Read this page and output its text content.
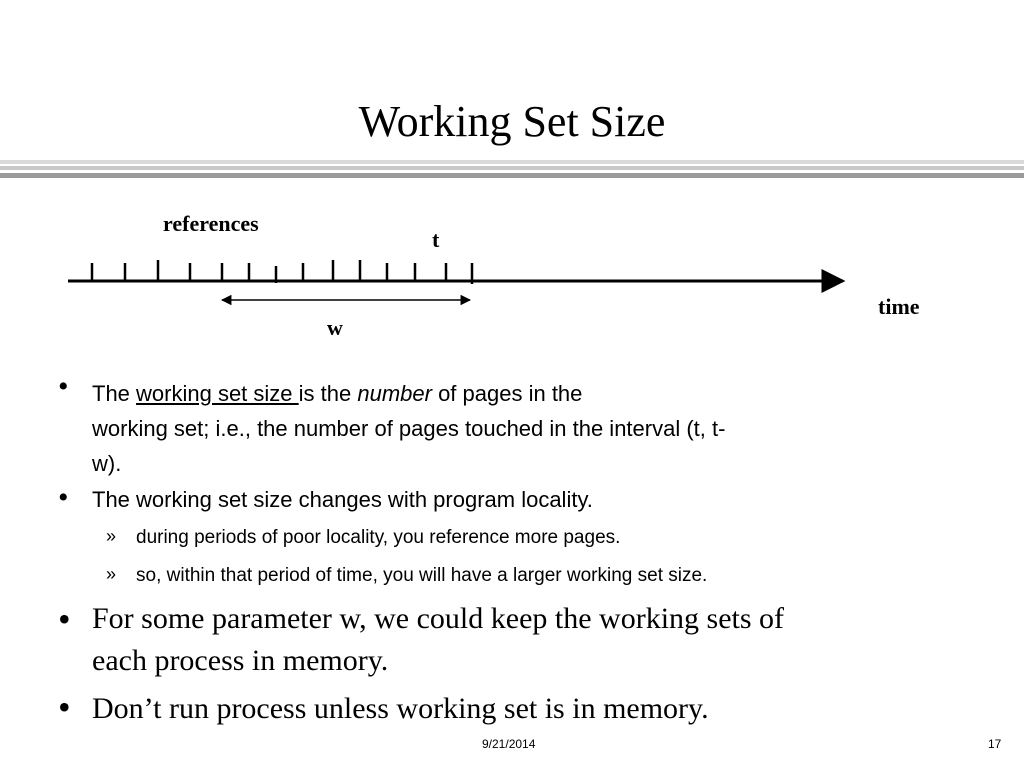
Working Set Size
references
t
w
time
• The working set size is the number of pages in the
working set; i.e., the number of pages touched in the interval (t, t-
w).
• The working set size changes with program locality.
» during periods of poor locality, you reference more pages.
» so, within that period of time, you will have a larger working set size.
• For some parameter w, we could keep the working sets of
each process in memory.
• Don’t run process unless working set is in memory.
9/21/2014	17
